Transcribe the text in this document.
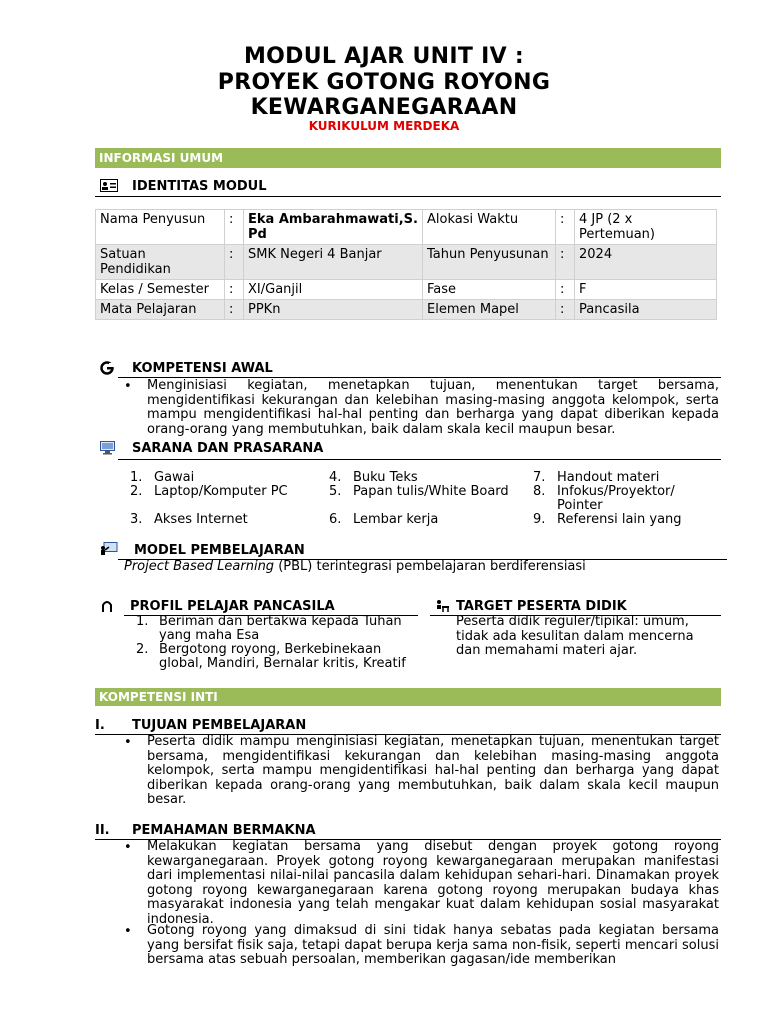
MODUL AJAR UNIT IV :
PROYEK GOTONG ROYONG
KEWARGANEGARAAN
KURIKULUM MERDEKA
INFORMASI UMUM
IDENTITAS MODUL
Nama Penyusun	:	Eka Ambarahmawati,S.Pd	Alokasi Waktu	:	4 JP (2 x Pertemuan)
Satuan Pendidikan	:	SMK Negeri 4 Banjar	Tahun Penyusunan	:	2024
Kelas / Semester	:	XI/Ganjil	Fase	:	F
Mata Pelajaran	:	PPKn	Elemen Mapel	:	Pancasila
KOMPETENSI AWAL
• Menginisiasi kegiatan, menetapkan tujuan, menentukan target bersama, mengidentifikasi kekurangan dan kelebihan masing-masing anggota kelompok, serta mampu mengidentifikasi hal-hal penting dan berharga yang dapat diberikan kepada orang-orang yang membutuhkan, baik dalam skala kecil maupun besar.
SARANA DAN PRASARANA
1. Gawai
2. Laptop/Komputer PC
3. Akses Internet
4. Buku Teks
5. Papan tulis/White Board
6. Lembar kerja
7. Handout materi
8. Infokus/Proyektor/ Pointer
9. Referensi lain yang
MODEL PEMBELAJARAN
Project Based Learning (PBL) terintegrasi pembelajaran berdiferensiasi
PROFIL PELAJAR PANCASILA
1. Beriman dan bertakwa kepada Tuhan yang maha Esa
2. Bergotong royong, Berkebinekaan global, Mandiri, Bernalar kritis, Kreatif
TARGET PESERTA DIDIK
Peserta didik reguler/tipikal: umum, tidak ada kesulitan dalam mencerna dan memahami materi ajar.
KOMPETENSI INTI
I. TUJUAN PEMBELAJARAN
• Peserta didik mampu menginisiasi kegiatan, menetapkan tujuan, menentukan target bersama, mengidentifikasi kekurangan dan kelebihan masing-masing anggota kelompok, serta mampu mengidentifikasi hal-hal penting dan berharga yang dapat diberikan kepada orang-orang yang membutuhkan, baik dalam skala kecil maupun besar.
II. PEMAHAMAN BERMAKNA
• Melakukan kegiatan bersama yang disebut dengan proyek gotong royong kewarganegaraan. Proyek gotong royong kewarganegaraan merupakan manifestasi dari implementasi nilai-nilai pancasila dalam kehidupan sehari-hari. Dinamakan proyek gotong royong kewarganegaraan karena gotong royong merupakan budaya khas masyarakat indonesia yang telah mengakar kuat dalam kehidupan sosial masyarakat indonesia.
• Gotong royong yang dimaksud di sini tidak hanya sebatas pada kegiatan bersama yang bersifat fisik saja, tetapi dapat berupa kerja sama non-fisik, seperti mencari solusi bersama atas sebuah persoalan, memberikan gagasan/ide memberikan
